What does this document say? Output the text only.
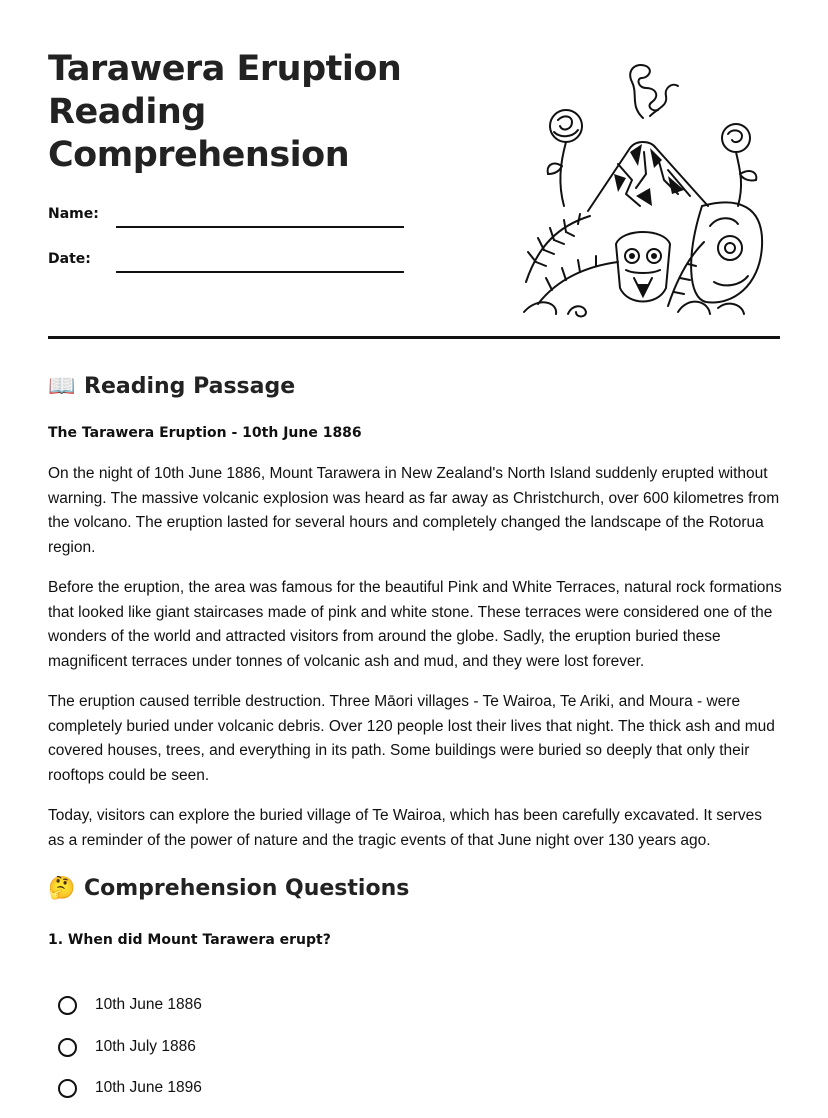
Tarawera Eruption Reading Comprehension
Name:
Date:
📖 Reading Passage

The Tarawera Eruption - 10th June 1886

On the night of 10th June 1886, Mount Tarawera in New Zealand's North Island suddenly erupted without warning. The massive volcanic explosion was heard as far away as Christchurch, over 600 kilometres from the volcano. The eruption lasted for several hours and completely changed the landscape of the Rotorua region.

Before the eruption, the area was famous for the beautiful Pink and White Terraces, natural rock formations that looked like giant staircases made of pink and white stone. These terraces were considered one of the wonders of the world and attracted visitors from around the globe. Sadly, the eruption buried these magnificent terraces under tonnes of volcanic ash and mud, and they were lost forever.

The eruption caused terrible destruction. Three Māori villages - Te Wairoa, Te Ariki, and Moura - were completely buried under volcanic debris. Over 120 people lost their lives that night. The thick ash and mud covered houses, trees, and everything in its path. Some buildings were buried so deeply that only their rooftops could be seen.

Today, visitors can explore the buried village of Te Wairoa, which has been carefully excavated. It serves as a reminder of the power of nature and the tragic events of that June night over 130 years ago.

🤔 Comprehension Questions

1. When did Mount Tarawera erupt?

10th June 1886
10th July 1886
10th June 1896
